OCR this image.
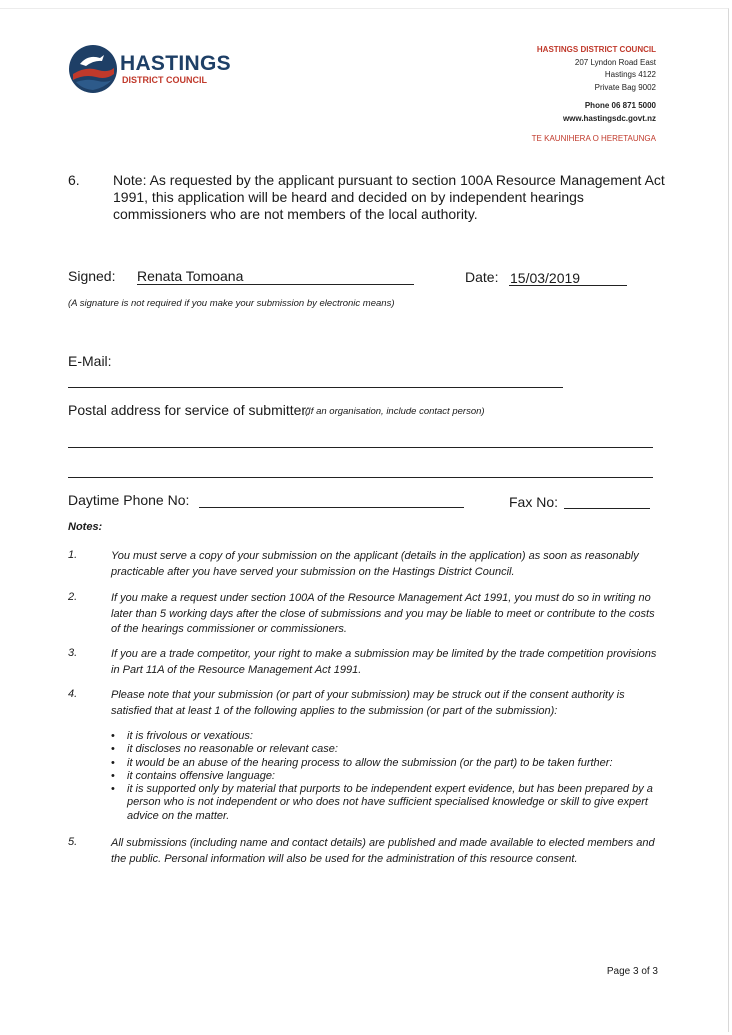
HASTINGS
DISTRICT COUNCIL
HASTINGS DISTRICT COUNCIL
207 Lyndon Road East
Hastings 4122
Private Bag 9002
Phone 06 871 5000
www.hastingsdc.govt.nz
TE KAUNIHERA O HERETAUNGA
6. Note: As requested by the applicant pursuant to section 100A Resource Management Act 1991, this application will be heard and decided on by independent hearings commissioners who are not members of the local authority.
Signed: Renata Tomoana	Date: 15/03/2019
(A signature is not required if you make your submission by electronic means)
E-Mail:
Postal address for service of submitter:
(If an organisation, include contact person)
Daytime Phone No:	Fax No:
Notes:
1.	You must serve a copy of your submission on the applicant (details in the application) as soon as reasonably practicable after you have served your submission on the Hastings District Council.
2.	If you make a request under section 100A of the Resource Management Act 1991, you must do so in writing no later than 5 working days after the close of submissions and you may be liable to meet or contribute to the costs of the hearings commissioner or commissioners.
3.	If you are a trade competitor, your right to make a submission may be limited by the trade competition provisions in Part 11A of the Resource Management Act 1991.
4.	Please note that your submission (or part of your submission) may be struck out if the consent authority is satisfied that at least 1 of the following applies to the submission (or part of the submission):
• it is frivolous or vexatious:
• it discloses no reasonable or relevant case:
• it would be an abuse of the hearing process to allow the submission (or the part) to be taken further:
• it contains offensive language:
• it is supported only by material that purports to be independent expert evidence, but has been prepared by a person who is not independent or who does not have sufficient specialised knowledge or skill to give expert advice on the matter.
5.	All submissions (including name and contact details) are published and made available to elected members and the public. Personal information will also be used for the administration of this resource consent.
Page 3 of 3
